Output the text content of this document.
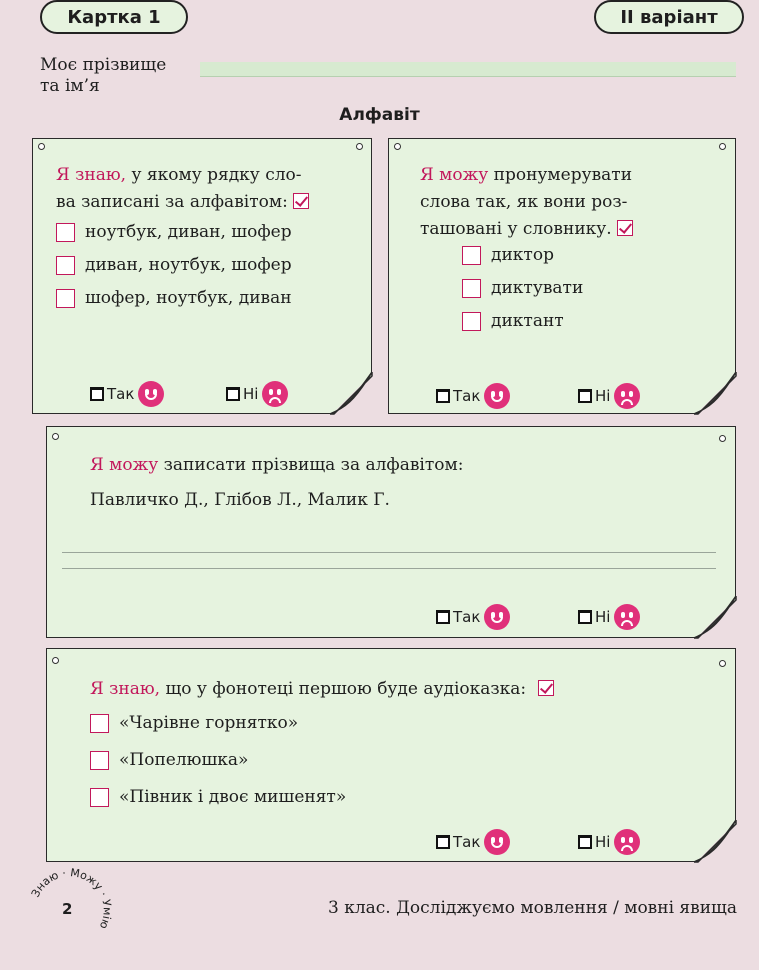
Картка 1	ІІ варіант
Моє прізвище
та ім’я
Алфавіт
Я знаю, у якому рядку сло-
ва записані за алфавітом:
ноутбук, диван, шофер
диван, ноутбук, шофер
шофер, ноутбук, диван
Так	Ні
Я можу пронумерувати
слова так, як вони роз-
ташовані у словнику.
диктор
диктувати
диктант
Так	Ні
Я можу записати прізвища за алфавітом:
Павличко Д., Глібов Л., Малик Г.
Так	Ні
Я знаю, що у фонотеці першою буде аудіоказка:
«Чарівне горнятко»
«Попелюшка»
«Півник і двоє мишенят»
Так	Ні
Знаю · Можу · Умію
2	3 клас. Досліджуємо мовлення / мовні явища
